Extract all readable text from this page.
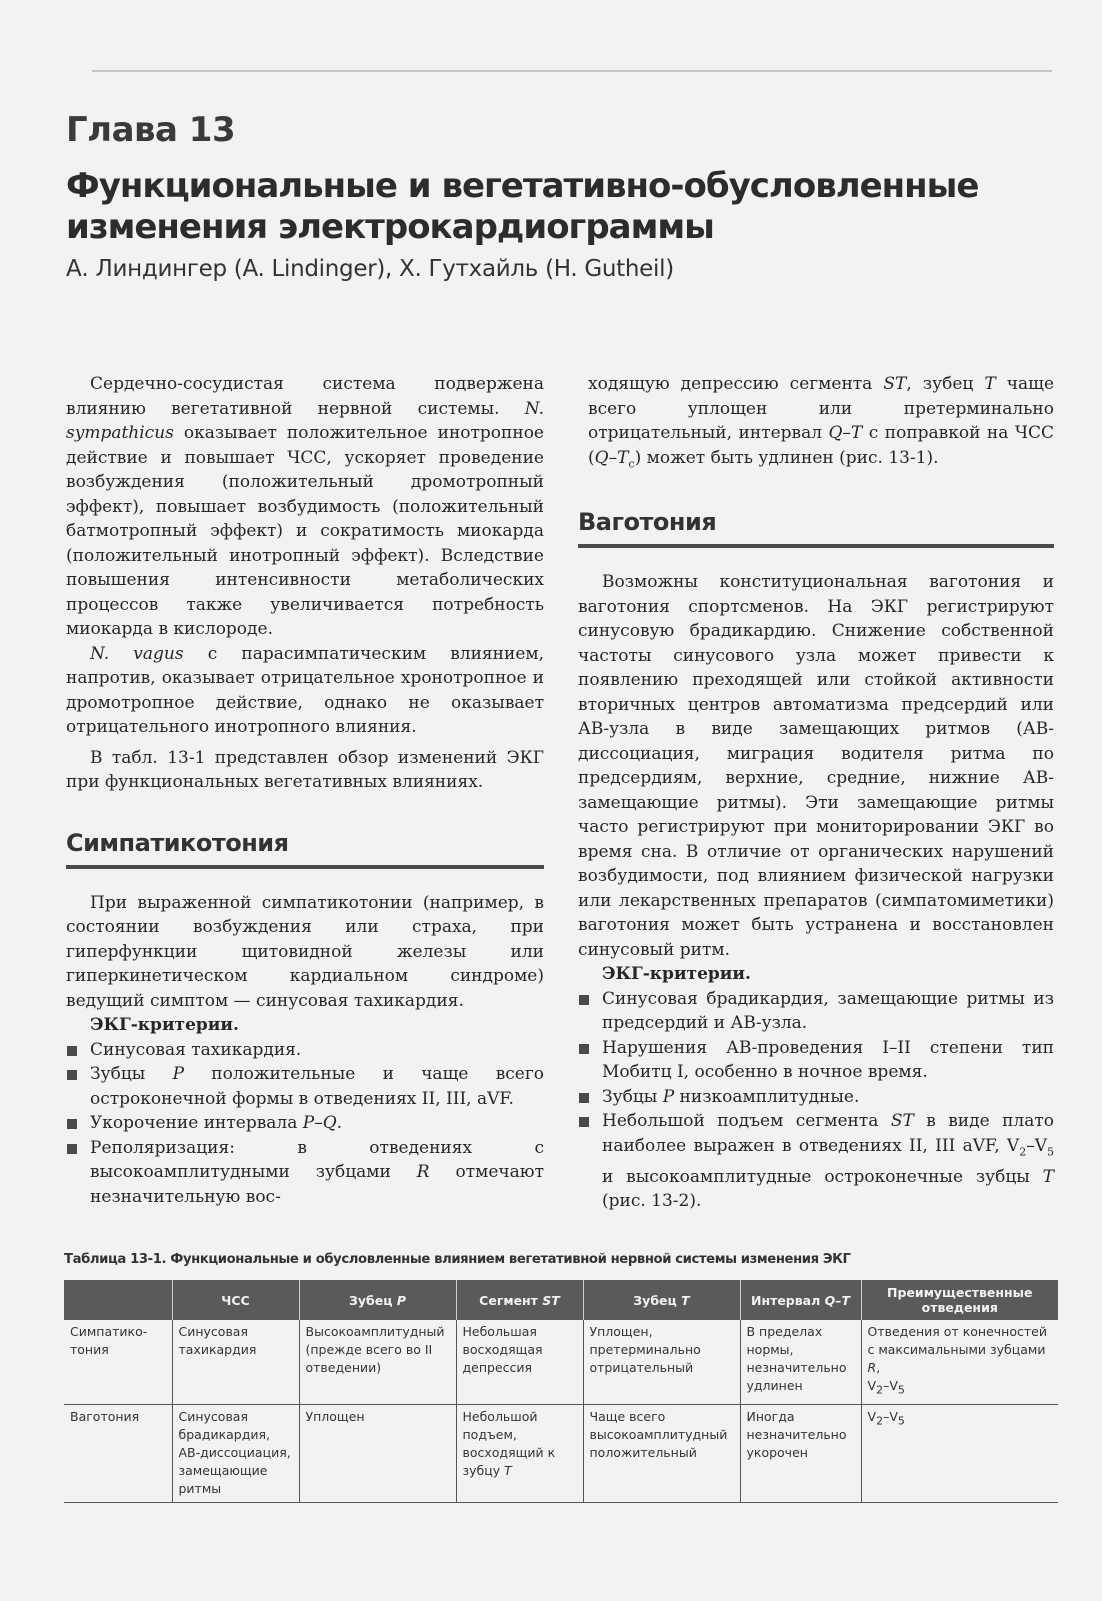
Глава 13
Функциональные и вегетативно-обусловленные изменения электрокардиограммы
А. Линдингер (A. Lindinger), Х. Гутхайль (H. Gutheil)

Сердечно-сосудистая система подвержена влиянию вегетативной нервной системы. N. sympathicus оказывает положительное инотропное действие и повышает ЧСС, ускоряет проведение возбуждения (положительный дромотропный эффект), повышает возбудимость (положительный батмотропный эффект) и сократимость миокарда (положительный инотропный эффект). Вследствие повышения интенсивности метаболических процессов также увеличивается потребность миокарда в кислороде.

N. vagus с парасимпатическим влиянием, напротив, оказывает отрицательное хронотропное и дромотропное действие, однако не оказывает отрицательного инотропного влияния.

В табл. 13-1 представлен обзор изменений ЭКГ при функциональных вегетативных влияниях.

Симпатикотония

При выраженной симпатикотонии (например, в состоянии возбуждения или страха, при гиперфункции щитовидной железы или гиперкинетическом кардиальном синдроме) ведущий симптом — синусовая тахикардия.

ЭКГ-критерии.

Синусовая тахикардия.
Зубцы P положительные и чаще всего остроконечной формы в отведениях II, III, aVF.
Укорочение интервала P–Q.
Реполяризация: в отведениях с высокоамплитудными зубцами R отмечают незначительную вос-

ходящую депрессию сегмента ST, зубец T чаще всего уплощен или претерминально отрицательный, интервал Q–T с поправкой на ЧСС $(Q-T_c)$ может быть удлинен (рис. 13-1).

Ваготония

Возможны конституциональная ваготония и ваготония спортсменов. На ЭКГ регистрируют синусовую брадикардию. Снижение собственной частоты синусового узла может привести к появлению преходящей или стойкой активности вторичных центров автоматизма предсердий или АВ-узла в виде замещающих ритмов (АВ-диссоциация, миграция водителя ритма по предсердиям, верхние, средние, нижние АВ-замещающие ритмы). Эти замещающие ритмы часто регистрируют при мониторировании ЭКГ во время сна. В отличие от органических нарушений возбудимости, под влиянием физической нагрузки или лекарственных препаратов (симпатомиметики) ваготония может быть устранена и восстановлен синусовый ритм.

ЭКГ-критерии.

Синусовая брадикардия, замещающие ритмы из предсердий и АВ-узла.
Нарушения АВ-проведения I–II степени тип Мобитц I, особенно в ночное время.
Зубцы P низкоамплитудные.
Небольшой подъем сегмента ST в виде плато наиболее выражен в отведениях II, III aVF, $V_2-V_5$ и высокоамплитудные остроконечные зубцы T (рис. 13-2).
Таблица 13-1. Функциональные и обусловленные влиянием вегетативной нервной системы изменения ЭКГ
	ЧСС	Зубец P	Сегмент ST	Зубец T	Интервал Q–T	Преимущественные отведения
Симпатико-тония	Синусовая тахикардия	Высокоамплитудный (прежде всего во II отведении)	Небольшая восходящая депрессия	Уплощен, претерминально отрицательный	В пределах нормы, незначительно удлинен	Отведения от конечностей с максимальными зубцами R,
$V_2-V_5$
Ваготония	Синусовая брадикардия, АВ-диссоциация, замещающие ритмы	Уплощен	Небольшой подъем, восходящий к зубцу T	Чаще всего высокоамплитудный положительный	Иногда незначительно укорочен	$V_2-V_5$
